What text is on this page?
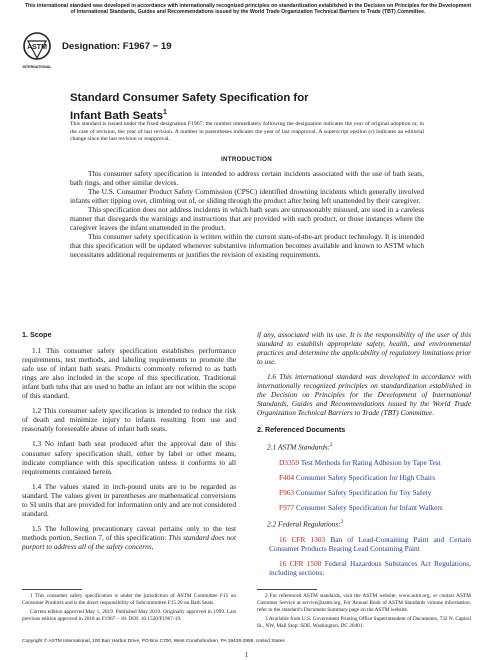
This international standard was developed in accordance with internationally recognized principles on standardization established in the Decision on Principles for the Development of International Standards, Guides and Recommendations issued by the World Trade Organization Technical Barriers to Trade (TBT) Committee.
ASTM
INTERNATIONAL
Designation: F1967 − 19
Standard Consumer Safety Specification for
Infant Bath Seats$^1$
This standard is issued under the fixed designation F1967; the number immediately following the designation indicates the year of original adoption or, in the case of revision, the year of last revision. A number in parentheses indicates the year of last reapproval. A superscript epsilon (ε) indicates an editorial change since the last revision or reapproval.
INTRODUCTION

This consumer safety specification is intended to address certain incidents associated with the use of bath seats, bath rings, and other similar devices.

The U.S. Consumer Product Safety Commission (CPSC) identified drowning incidents which generally involved infants either tipping over, climbing out of, or sliding through the product after being left unattended by their caregiver.

This specification does not address incidents in which bath seats are unreasonably misused, are used in a careless manner that disregards the warnings and instructions that are provided with each product, or those instances where the caregiver leaves the infant unattended in the product.

This consumer safety specification is written within the current state-of-the-art product technology. It is intended that this specification will be updated whenever substantive information becomes available and known to ASTM which necessitates additional requirements or justifies the revision of existing requirements.

1. Scope

1.1 This consumer safety specification establishes performance requirements, test methods, and labeling requirements to promote the safe use of infant bath seats. Products commonly referred to as bath rings are also included in the scope of this specification. Traditional infant bath tubs that are used to bathe an infant are not within the scope of this standard.

1.2 This consumer safety specification is intended to reduce the risk of death and minimize injury to infants resulting from use and reasonably foreseeable abuse of infant bath seats.

1.3 No infant bath seat produced after the approval date of this consumer safety specification shall, either by label or other means, indicate compliance with this specification unless it conforms to all requirements contained herein.

1.4 The values stated in inch-pound units are to be regarded as standard. The values given in parentheses are mathematical conversions to SI units that are provided for information only and are not considered standard.

1.5 The following precautionary caveat pertains only to the test methods portion, Section 7, of this specification: This standard does not purport to address all of the safety concerns,

if any, associated with its use. It is the responsibility of the user of this standard to establish appropriate safety, health, and environmental practices and determine the applicability of regulatory limitations prior to use.

1.6 This international standard was developed in accordance with internationally recognized principles on standardization established in the Decision on Principles for the Development of International Standards, Guides and Recommendations issued by the World Trade Organization Technical Barriers to Trade (TBT) Committee.

2. Referenced Documents

2.1 ASTM Standards:$^2$

D3359 Test Methods for Rating Adhesion by Tape Test

F404 Consumer Safety Specification for High Chairs

F963 Consumer Safety Specification for Toy Safety

F977 Consumer Safety Specification for Infant Walkers

2.2 Federal Regulations:$^3$

16 CFR 1303 Ban of Lead-Containing Paint and Certain Consumer Products Bearing Lead Containing Paint

16 CFR 1500 Federal Hazardous Substances Act Regulations, including sections:

1 This consumer safety specification is under the jurisdiction of ASTM Committee F15 on Consumer Products and is the direct responsibility of Subcommittee F15.20 on Bath Seats.

Current edition approved May 1, 2019. Published May 2019. Originally approved in 1999. Last previous edition approved in 2018 as F1967 – 18. DOI: 10.1520/F1967-19.

2 For referenced ASTM standards, visit the ASTM website, www.astm.org, or contact ASTM Customer Service at service@astm.org. For Annual Book of ASTM Standards volume information, refer to the standard's Document Summary page on the ASTM website.

3 Available from U.S. Government Printing Office Superintendent of Documents, 732 N. Capitol St., NW, Mail Stop: SDE, Washington, DC 20401.

Copyright © ASTM International, 100 Barr Harbor Drive, PO Box C700, West Conshohocken, PA 19428-2959. United States
1
